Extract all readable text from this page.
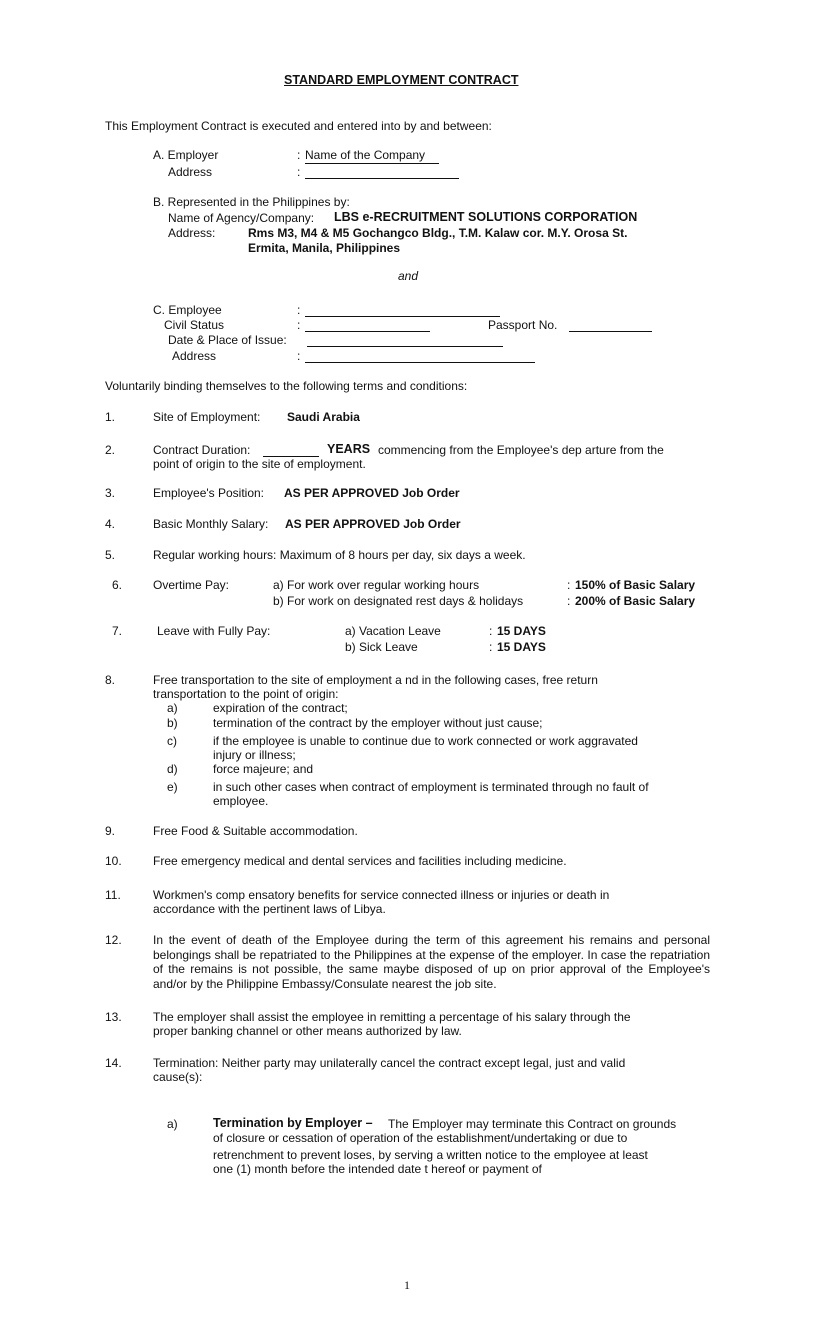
STANDARD EMPLOYMENT CONTRACT
This Employment Contract is executed and entered into by and between:
A. Employer	: Name of the Company
Address	:
B. Represented in the Philippines by:
Name of Agency/Company: LBS e-RECRUITMENT SOLUTIONS CORPORATION
Address:	Rms M3, M4 & M5 Gochangco Bldg., T.M. Kalaw cor. M.Y. Orosa St.
Ermita, Manila, Philippines
and
C. Employee	:
Civil Status	:	Passport No.
Date & Place of Issue:
Address	:
Voluntarily binding themselves to the following terms and conditions:
1.	Site of Employment: Saudi Arabia
2.	Contract Duration:	YEARS commencing from the Employee's dep arture from the
point of origin to the site of employment.
3.	Employee's Position: AS PER APPROVED Job Order
4.	Basic Monthly Salary: AS PER APPROVED Job Order
5.	Regular working hours: Maximum of 8 hours per day, six days a week.
6.	Overtime Pay:	a) For work over regular working hours	: 150% of Basic Salary
b) For work on designated rest days & holidays	: 200% of Basic Salary
7.	Leave with Fully Pay:	a) Vacation Leave	: 15 DAYS
b) Sick Leave	: 15 DAYS
8.	Free transportation to the site of employment a nd in the following cases, free return
transportation to the point of origin:
a)	expiration of the contract;
b)	termination of the contract by the employer without just cause;
c)	if the employee is unable to continue due to work connected or work aggravated
injury or illness;
d)	force majeure; and
e)	in such other cases when contract of employment is terminated through no fault of
employee.
9.	Free Food & Suitable accommodation.
10.	Free emergency medical and dental services and facilities including medicine.
11.	Workmen's comp ensatory benefits for service connected illness or injuries or death in
accordance with the pertinent laws of Libya.
12.	In the event of death of the Employee during the term of this agreement his remains and personal belongings shall be repatriated to the Philippines at the expense of the employer. In case the repatriation of the remains is not possible, the same maybe disposed of up on prior approval of the Employee's and/or by the Philippine Embassy/Consulate nearest the job site.
13.	The employer shall assist the employee in remitting a percentage of his salary through the
proper banking channel or other means authorized by law.
14.	Termination: Neither party may unilaterally cancel the contract except legal, just and valid
cause(s):
a)	Termination by Employer – The Employer may terminate this Contract on grounds
of closure or cessation of operation of the establishment/undertaking or due to
retrenchment to prevent loses, by serving a written notice to the employee at least
one (1) month before the intended date t hereof or payment of
1
